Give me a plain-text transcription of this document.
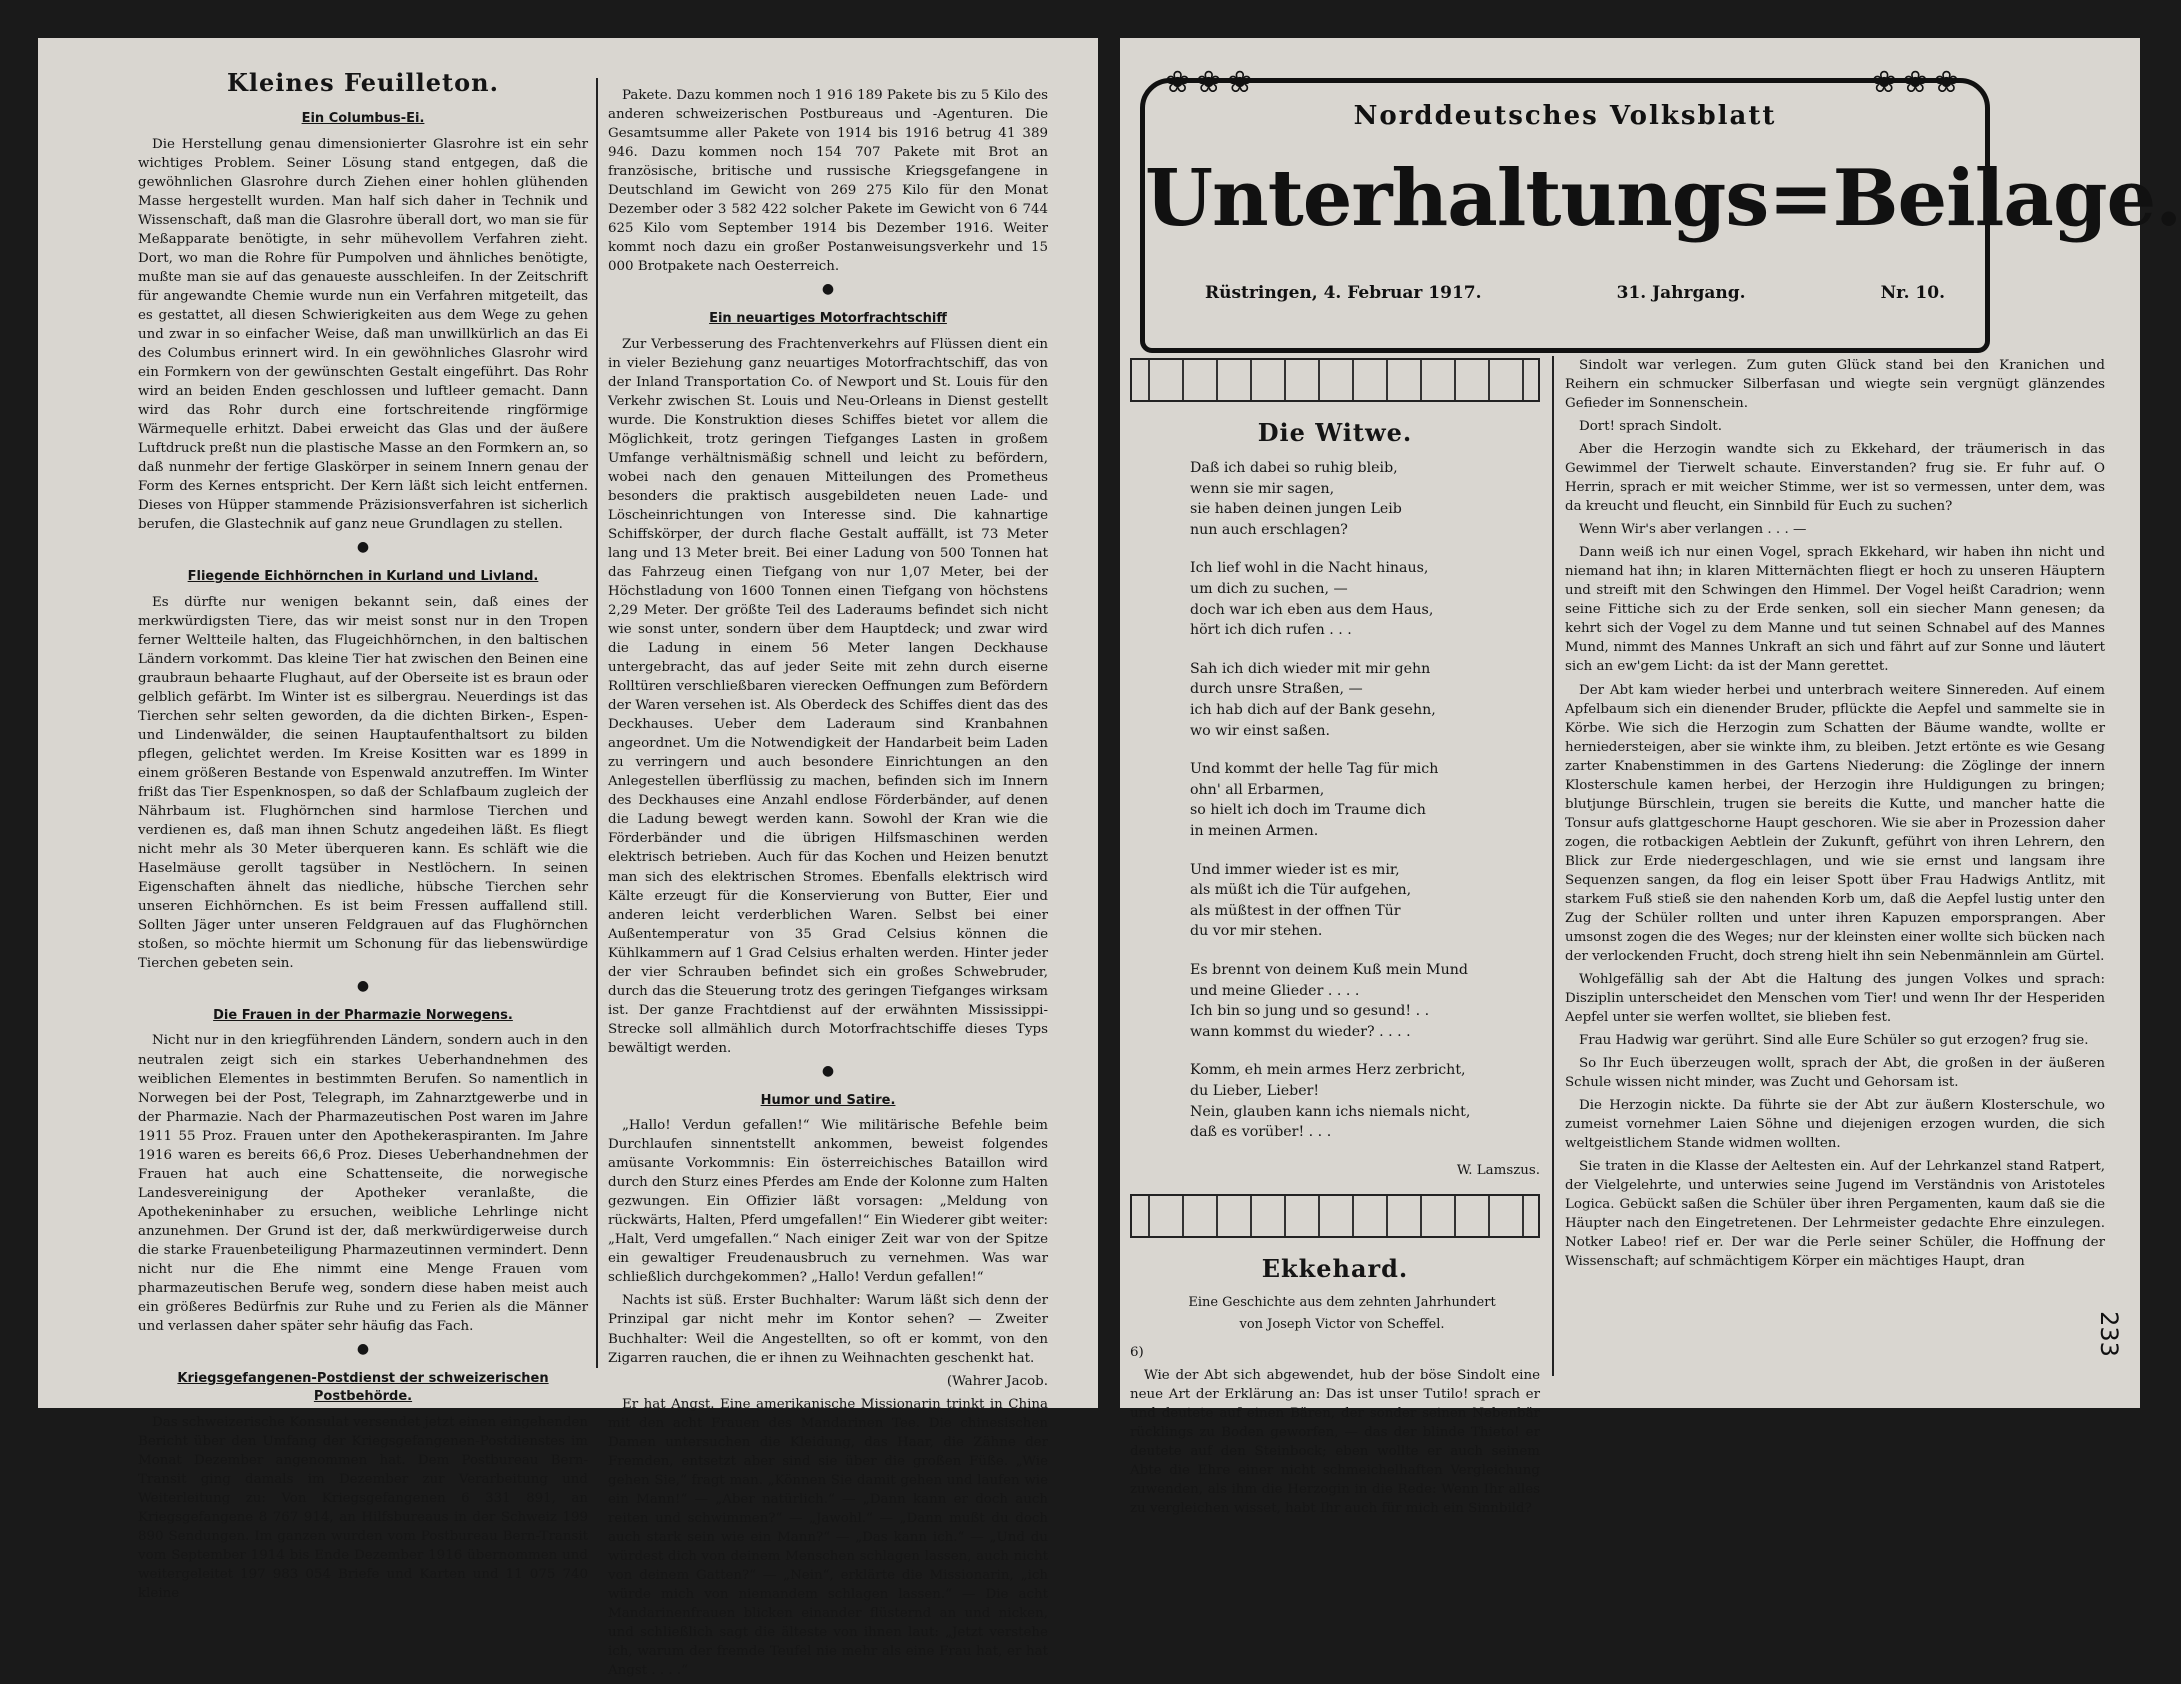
Kleines Feuilleton.
Ein Columbus-Ei.

Die Herstellung genau dimensionierter Glasrohre ist ein sehr wichtiges Problem. Seiner Lösung stand entgegen, daß die gewöhnlichen Glasrohre durch Ziehen einer hohlen glühenden Masse hergestellt wurden. Man half sich daher in Technik und Wissenschaft, daß man die Glasrohre überall dort, wo man sie für Meßapparate benötigte, in sehr mühevollem Verfahren zieht. Dort, wo man die Rohre für Pumpolven und ähnliches benötigte, mußte man sie auf das genaueste ausschleifen. In der Zeitschrift für angewandte Chemie wurde nun ein Verfahren mitgeteilt, das es gestattet, all diesen Schwierigkeiten aus dem Wege zu gehen und zwar in so einfacher Weise, daß man unwillkürlich an das Ei des Columbus erinnert wird. In ein gewöhnliches Glasrohr wird ein Formkern von der gewünschten Gestalt eingeführt. Das Rohr wird an beiden Enden geschlossen und luftleer gemacht. Dann wird das Rohr durch eine fortschreitende ringförmige Wärmequelle erhitzt. Dabei erweicht das Glas und der äußere Luftdruck preßt nun die plastische Masse an den Formkern an, so daß nunmehr der fertige Glaskörper in seinem Innern genau der Form des Kernes entspricht. Der Kern läßt sich leicht entfernen. Dieses von Hüpper stammende Präzisionsverfahren ist sicherlich berufen, die Glastechnik auf ganz neue Grundlagen zu stellen.

●
Fliegende Eichhörnchen in Kurland und Livland.

Es dürfte nur wenigen bekannt sein, daß eines der merkwürdigsten Tiere, das wir meist sonst nur in den Tropen ferner Weltteile halten, das Flugeichhörnchen, in den baltischen Ländern vorkommt. Das kleine Tier hat zwischen den Beinen eine graubraun behaarte Flughaut, auf der Oberseite ist es braun oder gelblich gefärbt. Im Winter ist es silbergrau. Neuerdings ist das Tierchen sehr selten geworden, da die dichten Birken-, Espen- und Lindenwälder, die seinen Hauptaufenthaltsort zu bilden pflegen, gelichtet werden. Im Kreise Kositten war es 1899 in einem größeren Bestande von Espenwald anzutreffen. Im Winter frißt das Tier Espenknospen, so daß der Schlafbaum zugleich der Nährbaum ist. Flughörnchen sind harmlose Tierchen und verdienen es, daß man ihnen Schutz angedeihen läßt. Es fliegt nicht mehr als 30 Meter überqueren kann. Es schläft wie die Haselmäuse gerollt tagsüber in Nestlöchern. In seinen Eigenschaften ähnelt das niedliche, hübsche Tierchen sehr unseren Eichhörnchen. Es ist beim Fressen auffallend still. Sollten Jäger unter unseren Feldgrauen auf das Flughörnchen stoßen, so möchte hiermit um Schonung für das liebenswürdige Tierchen gebeten sein.

●
Die Frauen in der Pharmazie Norwegens.

Nicht nur in den kriegführenden Ländern, sondern auch in den neutralen zeigt sich ein starkes Ueberhandnehmen des weiblichen Elementes in bestimmten Berufen. So namentlich in Norwegen bei der Post, Telegraph, im Zahnarztgewerbe und in der Pharmazie. Nach der Pharmazeutischen Post waren im Jahre 1911 55 Proz. Frauen unter den Apothekeraspiranten. Im Jahre 1916 waren es bereits 66,6 Proz. Dieses Ueberhandnehmen der Frauen hat auch eine Schattenseite, die norwegische Landesvereinigung der Apotheker veranlaßte, die Apothekeninhaber zu ersuchen, weibliche Lehrlinge nicht anzunehmen. Der Grund ist der, daß merkwürdigerweise durch die starke Frauenbeteiligung Pharmazeutinnen vermindert. Denn nicht nur die Ehe nimmt eine Menge Frauen vom pharmazeutischen Berufe weg, sondern diese haben meist auch ein größeres Bedürfnis zur Ruhe und zu Ferien als die Männer und verlassen daher später sehr häufig das Fach.

●
Kriegsgefangenen-Postdienst der schweizerischen Postbehörde.

Das schweizerische Konsulat versendet jetzt einen eingehenden Bericht über den Umfang der Kriegsgefangenen-Postdienstes im Monat Dezember angenommen hat. Dem Postbureau Bern-Transit ging damals im Dezember zur Verarbeitung und Weiterleitung zu: Von Kriegsgefangenen 6 331 891, an Kriegsgefangene 8 767 914, an Hilfsbureaus in der Schweiz 199 890 Sendungen. Im ganzen wurden vom Postbureau Bern-Transit vom September 1914 bis Ende Dezember 1916 übernommen und weitergeleitet 197 983 054 Briefe und Karten und 11 075 740 kleine

Pakete. Dazu kommen noch 1 916 189 Pakete bis zu 5 Kilo des anderen schweizerischen Postbureaus und -Agenturen. Die Gesamtsumme aller Pakete von 1914 bis 1916 betrug 41 389 946. Dazu kommen noch 154 707 Pakete mit Brot an französische, britische und russische Kriegsgefangene in Deutschland im Gewicht von 269 275 Kilo für den Monat Dezember oder 3 582 422 solcher Pakete im Gewicht von 6 744 625 Kilo vom September 1914 bis Dezember 1916. Weiter kommt noch dazu ein großer Postanweisungsverkehr und 15 000 Brotpakete nach Oesterreich.

●
Ein neuartiges Motorfrachtschiff

Zur Verbesserung des Frachtenverkehrs auf Flüssen dient ein in vieler Beziehung ganz neuartiges Motorfrachtschiff, das von der Inland Transportation Co. of Newport und St. Louis für den Verkehr zwischen St. Louis und Neu-Orleans in Dienst gestellt wurde. Die Konstruktion dieses Schiffes bietet vor allem die Möglichkeit, trotz geringen Tiefganges Lasten in großem Umfange verhältnismäßig schnell und leicht zu befördern, wobei nach den genauen Mitteilungen des Prometheus besonders die praktisch ausgebildeten neuen Lade- und Löscheinrichtungen von Interesse sind. Die kahnartige Schiffskörper, der durch flache Gestalt auffällt, ist 73 Meter lang und 13 Meter breit. Bei einer Ladung von 500 Tonnen hat das Fahrzeug einen Tiefgang von nur 1,07 Meter, bei der Höchstladung von 1600 Tonnen einen Tiefgang von höchstens 2,29 Meter. Der größte Teil des Laderaums befindet sich nicht wie sonst unter, sondern über dem Hauptdeck; und zwar wird die Ladung in einem 56 Meter langen Deckhause untergebracht, das auf jeder Seite mit zehn durch eiserne Rolltüren verschließbaren vierecken Oeffnungen zum Befördern der Waren versehen ist. Als Oberdeck des Schiffes dient das des Deckhauses. Ueber dem Laderaum sind Kranbahnen angeordnet. Um die Notwendigkeit der Handarbeit beim Laden zu verringern und auch besondere Einrichtungen an den Anlegestellen überflüssig zu machen, befinden sich im Innern des Deckhauses eine Anzahl endlose Förderbänder, auf denen die Ladung bewegt werden kann. Sowohl der Kran wie die Förderbänder und die übrigen Hilfsmaschinen werden elektrisch betrieben. Auch für das Kochen und Heizen benutzt man sich des elektrischen Stromes. Ebenfalls elektrisch wird Kälte erzeugt für die Konservierung von Butter, Eier und anderen leicht verderblichen Waren. Selbst bei einer Außentemperatur von 35 Grad Celsius können die Kühlkammern auf 1 Grad Celsius erhalten werden. Hinter jeder der vier Schrauben befindet sich ein großes Schwebruder, durch das die Steuerung trotz des geringen Tiefganges wirksam ist. Der ganze Frachtdienst auf der erwähnten Mississippi-Strecke soll allmählich durch Motorfrachtschiffe dieses Typs bewältigt werden.

●
Humor und Satire.

„Hallo! Verdun gefallen!“ Wie militärische Befehle beim Durchlaufen sinnentstellt ankommen, beweist folgendes amüsante Vorkommnis: Ein österreichisches Bataillon wird durch den Sturz eines Pferdes am Ende der Kolonne zum Halten gezwungen. Ein Offizier läßt vorsagen: „Meldung von rückwärts, Halten, Pferd umgefallen!“ Ein Wiederer gibt weiter: „Halt, Verd umgefallen.“ Nach einiger Zeit war von der Spitze ein gewaltiger Freudenausbruch zu vernehmen. Was war schließlich durchgekommen? „Hallo! Verdun gefallen!“

Nachts ist süß. Erster Buchhalter: Warum läßt sich denn der Prinzipal gar nicht mehr im Kontor sehen? — Zweiter Buchhalter: Weil die Angestellten, so oft er kommt, von den Zigarren rauchen, die er ihnen zu Weihnachten geschenkt hat.

(Wahrer Jacob.

Er hat Angst. Eine amerikanische Missionarin trinkt in China mit den acht Frauen des Mandarinen Tee. Die chinesischen Damen untersuchen die Kleidung, das Haar, die Zähne der Fremden, entsetzt aber sind sie über die großen Füße. „Wie gehen Sie,“ fragt man. „Können Sie damit gehen und laufen wie ein Mann!“ — „Aber natürlich.“ — „Dann kann er doch auch reiten und schwimmen?“ — „Jawohl.“ — „Dann mußt du doch auch stark sein wie ein Mann?“ — „Das kann ich.“ — „Und du würdest dich von deinem Menschen schlagen lassen, auch nicht von deinem Gatten?“ — „Nein“, erklärte die Missionarin, „ich würde mich von niemandem schlagen lassen.“ — Die acht Mandarinenfrauen blicken einander flüsternd an und nicken, und schließlich sagt die älteste von ihnen laut: „Jetzt verstehe ich, warum der fremde Teufel nie mehr als eine Frau hat, er hat Angst . . . .“

❀❀❀	❀❀❀
Norddeutsches Volksblatt
Unterhaltungs=Beilage.
Rüstringen, 4. Februar 1917.	31. Jahrgang.	Nr. 10.
Die Witwe.
Daß ich dabei so ruhig bleib,
wenn sie mir sagen,
sie haben deinen jungen Leib
nun auch erschlagen?
Ich lief wohl in die Nacht hinaus,
um dich zu suchen, —
doch war ich eben aus dem Haus,
hört ich dich rufen . . .
Sah ich dich wieder mit mir gehn
durch unsre Straßen, —
ich hab dich auf der Bank gesehn,
wo wir einst saßen.
Und kommt der helle Tag für mich
ohn' all Erbarmen,
so hielt ich doch im Traume dich
in meinen Armen.
Und immer wieder ist es mir,
als müßt ich die Tür aufgehen,
als müßtest in der offnen Tür
du vor mir stehen.
Es brennt von deinem Kuß mein Mund
und meine Glieder . . . .
Ich bin so jung und so gesund! . .
wann kommst du wieder? . . . .
Komm, eh mein armes Herz zerbricht,
du Lieber, Lieber!
Nein, glauben kann ichs niemals nicht,
daß es vorüber! . . .

W. Lamszus.

Ekkehard.

Eine Geschichte aus dem zehnten Jahrhundert

von Joseph Victor von Scheffel.

6)

Wie der Abt sich abgewendet, hub der böse Sindolt eine neue Art der Erklärung an: Das ist unser Tutilo! sprach er und deutete auf einen Bären, der sonder seinen Nebenbär rücklings zu Boden geworfen, — das der blinde Thieto! er deutete auf den Steinbock; eben wollte er auch seinem Abte die Ehre einer nicht schmeichelhaften Vergleichung zuwenden, als ihm die Herzogin in die Rede: Wenn Ihr alles zu vergleichen wisset, habt Ihr auch für mich ein Sinnbild?

Sindolt war verlegen. Zum guten Glück stand bei den Kranichen und Reihern ein schmucker Silberfasan und wiegte sein vergnügt glänzendes Gefieder im Sonnenschein.

Dort! sprach Sindolt.

Aber die Herzogin wandte sich zu Ekkehard, der träumerisch in das Gewimmel der Tierwelt schaute. Einverstanden? frug sie. Er fuhr auf. O Herrin, sprach er mit weicher Stimme, wer ist so vermessen, unter dem, was da kreucht und fleucht, ein Sinnbild für Euch zu suchen?

Wenn Wir's aber verlangen . . . —

Dann weiß ich nur einen Vogel, sprach Ekkehard, wir haben ihn nicht und niemand hat ihn; in klaren Mitternächten fliegt er hoch zu unseren Häuptern und streift mit den Schwingen den Himmel. Der Vogel heißt Caradrion; wenn seine Fittiche sich zu der Erde senken, soll ein siecher Mann genesen; da kehrt sich der Vogel zu dem Manne und tut seinen Schnabel auf des Mannes Mund, nimmt des Mannes Unkraft an sich und fährt auf zur Sonne und läutert sich an ew'gem Licht: da ist der Mann gerettet.

Der Abt kam wieder herbei und unterbrach weitere Sinnereden. Auf einem Apfelbaum sich ein dienender Bruder, pflückte die Aepfel und sammelte sie in Körbe. Wie sich die Herzogin zum Schatten der Bäume wandte, wollte er herniedersteigen, aber sie winkte ihm, zu bleiben. Jetzt ertönte es wie Gesang zarter Knabenstimmen in des Gartens Niederung: die Zöglinge der innern Klosterschule kamen herbei, der Herzogin ihre Huldigungen zu bringen; blutjunge Bürschlein, trugen sie bereits die Kutte, und mancher hatte die Tonsur aufs glattgeschorne Haupt geschoren. Wie sie aber in Prozession daher zogen, die rotbackigen Aebtlein der Zukunft, geführt von ihren Lehrern, den Blick zur Erde niedergeschlagen, und wie sie ernst und langsam ihre Sequenzen sangen, da flog ein leiser Spott über Frau Hadwigs Antlitz, mit starkem Fuß stieß sie den nahenden Korb um, daß die Aepfel lustig unter den Zug der Schüler rollten und unter ihren Kapuzen emporsprangen. Aber umsonst zogen die des Weges; nur der kleinsten einer wollte sich bücken nach der verlockenden Frucht, doch streng hielt ihn sein Nebenmännlein am Gürtel.

Wohlgefällig sah der Abt die Haltung des jungen Volkes und sprach: Disziplin unterscheidet den Menschen vom Tier! und wenn Ihr der Hesperiden Aepfel unter sie werfen wolltet, sie blieben fest.

Frau Hadwig war gerührt. Sind alle Eure Schüler so gut erzogen? frug sie.

So Ihr Euch überzeugen wollt, sprach der Abt, die großen in der äußeren Schule wissen nicht minder, was Zucht und Gehorsam ist.

Die Herzogin nickte. Da führte sie der Abt zur äußern Klosterschule, wo zumeist vornehmer Laien Söhne und diejenigen erzogen wurden, die sich weltgeistlichem Stande widmen wollten.

Sie traten in die Klasse der Aeltesten ein. Auf der Lehrkanzel stand Ratpert, der Vielgelehrte, und unterwies seine Jugend im Verständnis von Aristoteles Logica. Gebückt saßen die Schüler über ihren Pergamenten, kaum daß sie die Häupter nach den Eingetretenen. Der Lehrmeister gedachte Ehre einzulegen. Notker Labeo! rief er. Der war die Perle seiner Schüler, die Hoffnung der Wissenschaft; auf schmächtigem Körper ein mächtiges Haupt, dran

233
